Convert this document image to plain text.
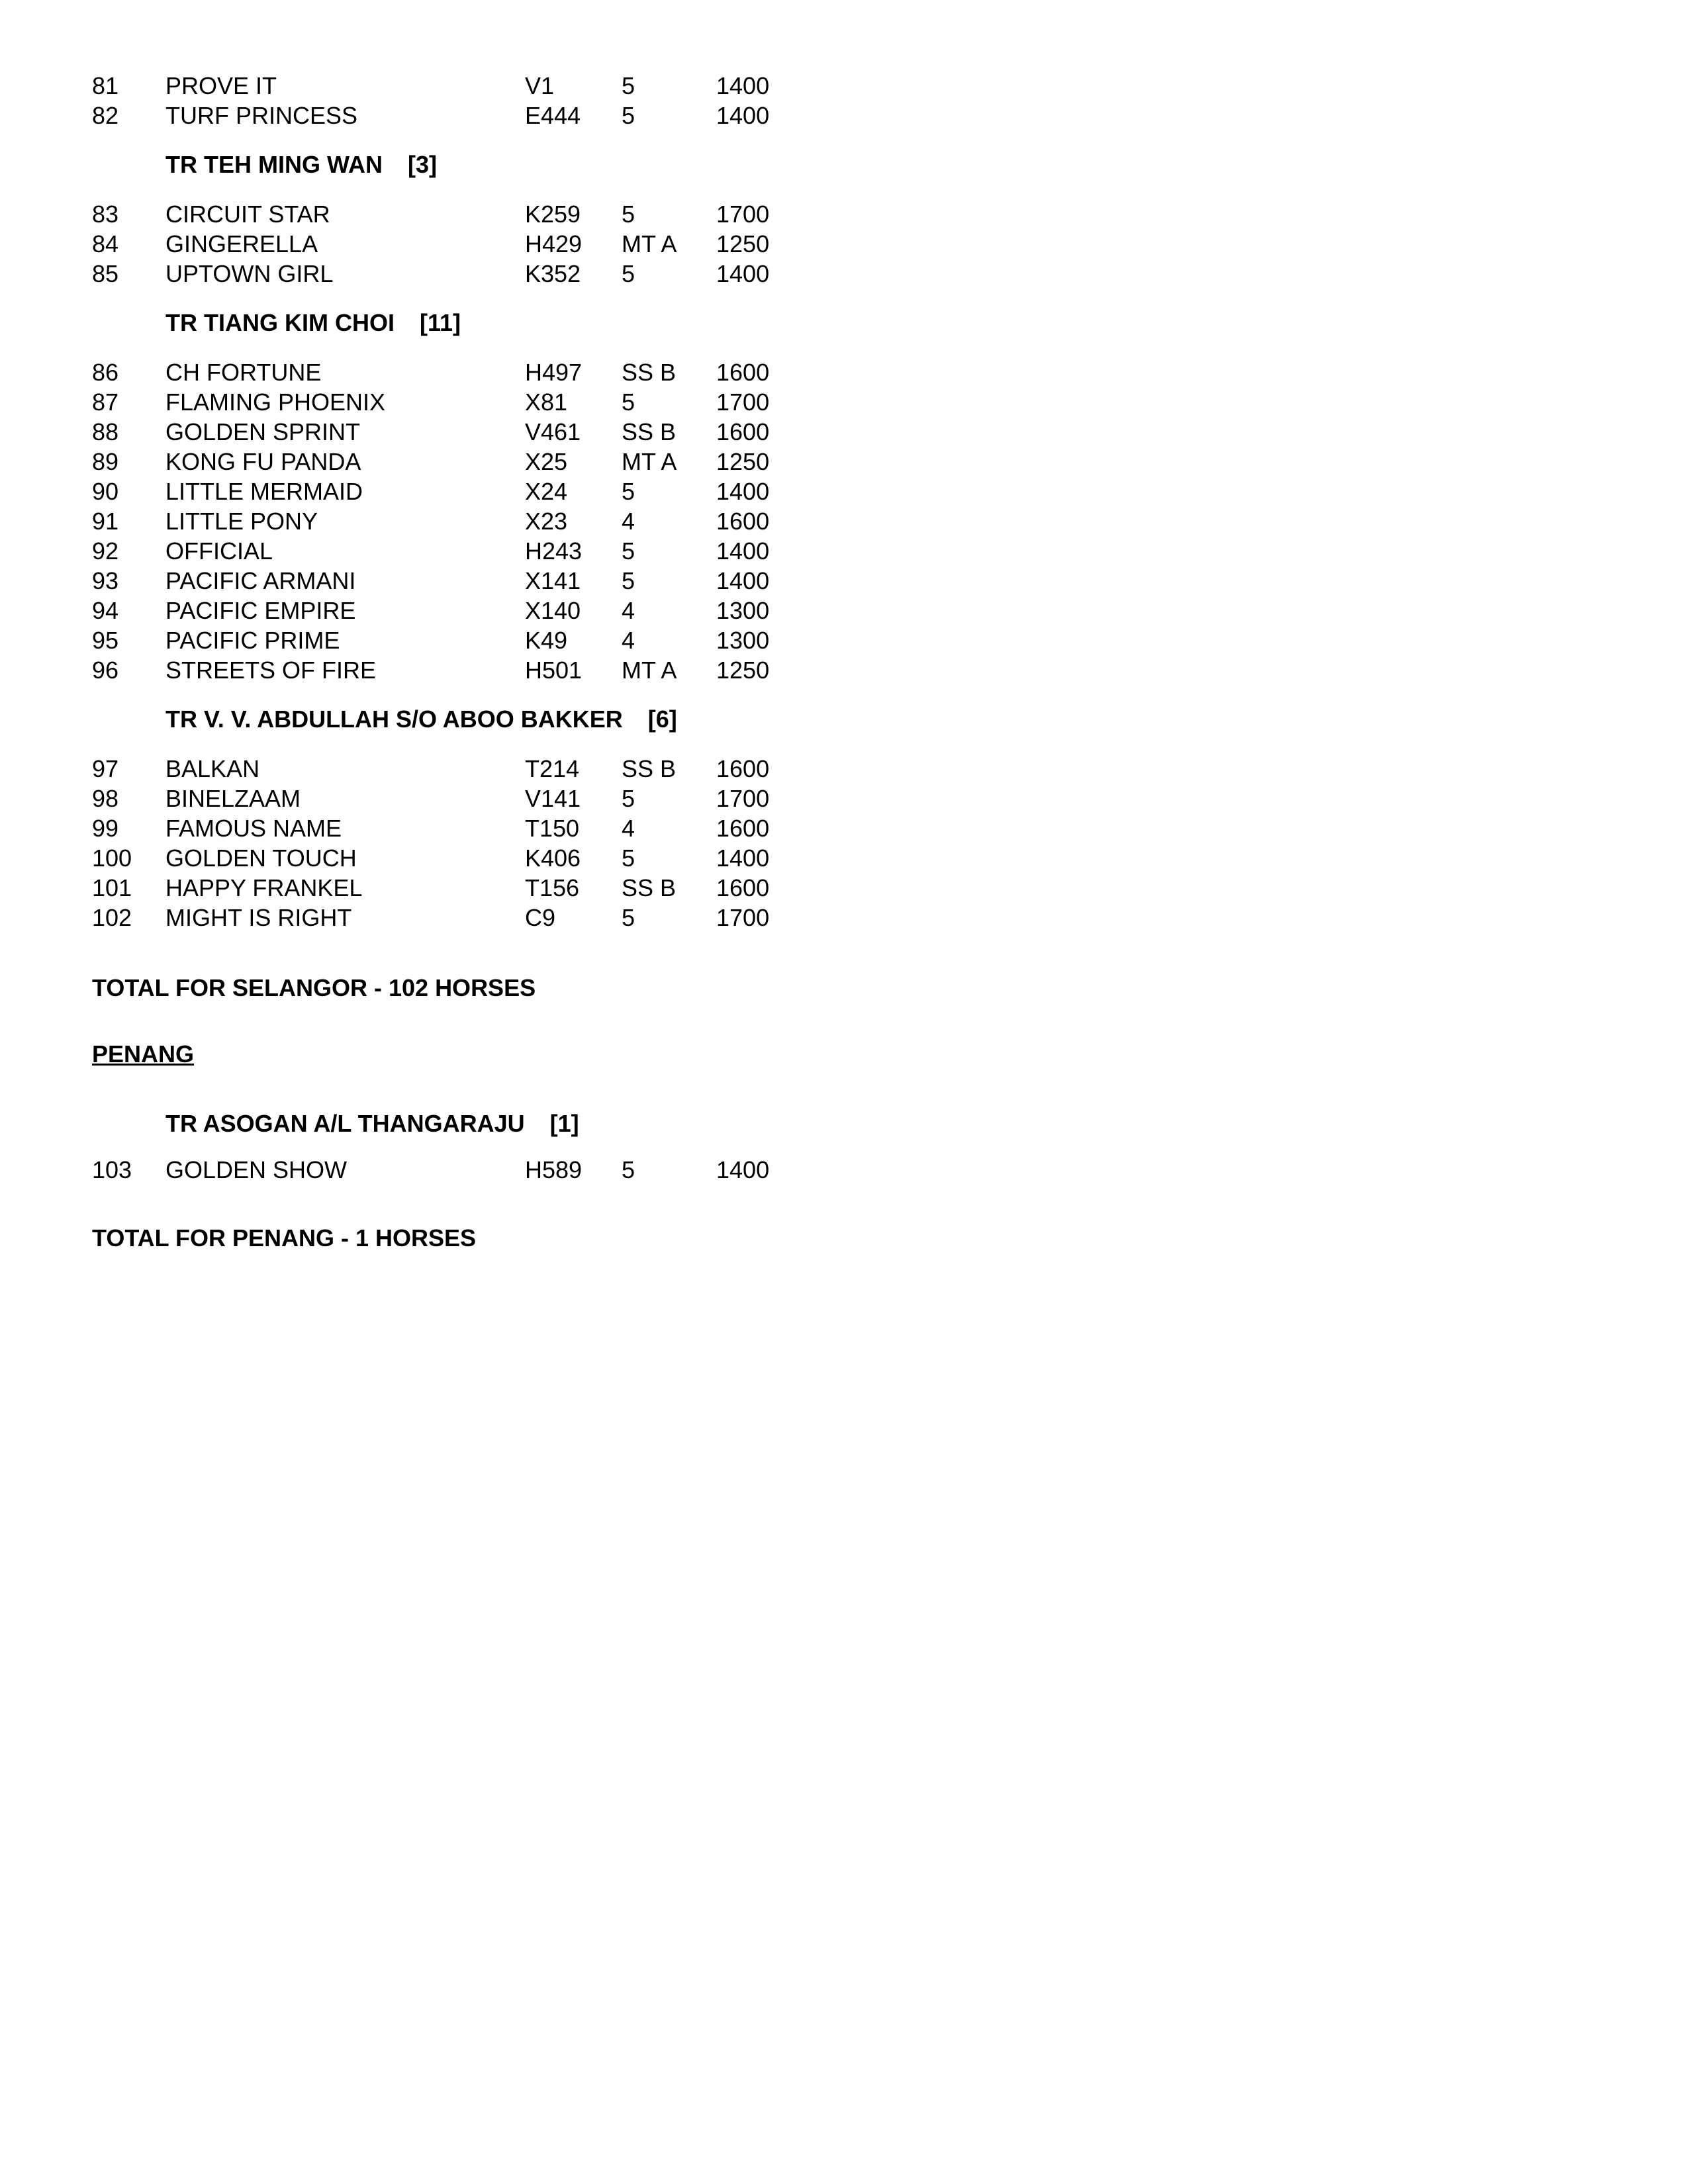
81 PROVE IT	V1	5	1400
82 TURF PRINCESS	E444 5	1400
TR TEH MING WAN [3]
83 CIRCUIT STAR	K259 5	1700
84 GINGERELLA	H429 MT A 1250
85 UPTOWN GIRL	K352 5	1400
TR TIANG KIM CHOI [11]
86 CH FORTUNE	H497 SS B 1600
87 FLAMING PHOENIX	X81 5	1700
88 GOLDEN SPRINT	V461 SS B 1600
89 KONG FU PANDA	X25 MT A 1250
90 LITTLE MERMAID	X24 5	1400
91 LITTLE PONY	X23 4	1600
92 OFFICIAL	H243 5	1400
93 PACIFIC ARMANI	X141 5	1400
94 PACIFIC EMPIRE	X140 4	1300
95 PACIFIC PRIME	K49 4	1300
96 STREETS OF FIRE	H501 MT A 1250
TR V. V. ABDULLAH S/O ABOO BAKKER [6]
97 BALKAN	T214 SS B 1600
98 BINELZAAM	V141 5	1700
99 FAMOUS NAME	T150 4	1600
100 GOLDEN TOUCH	K406 5	1400
101 HAPPY FRANKEL	T156 SS B 1600
102 MIGHT IS RIGHT	C9	5	1700
TOTAL FOR SELANGOR - 102 HORSES
PENANG
TR ASOGAN A/L THANGARAJU [1]
103 GOLDEN SHOW	H589 5	1400
TOTAL FOR PENANG - 1 HORSES
